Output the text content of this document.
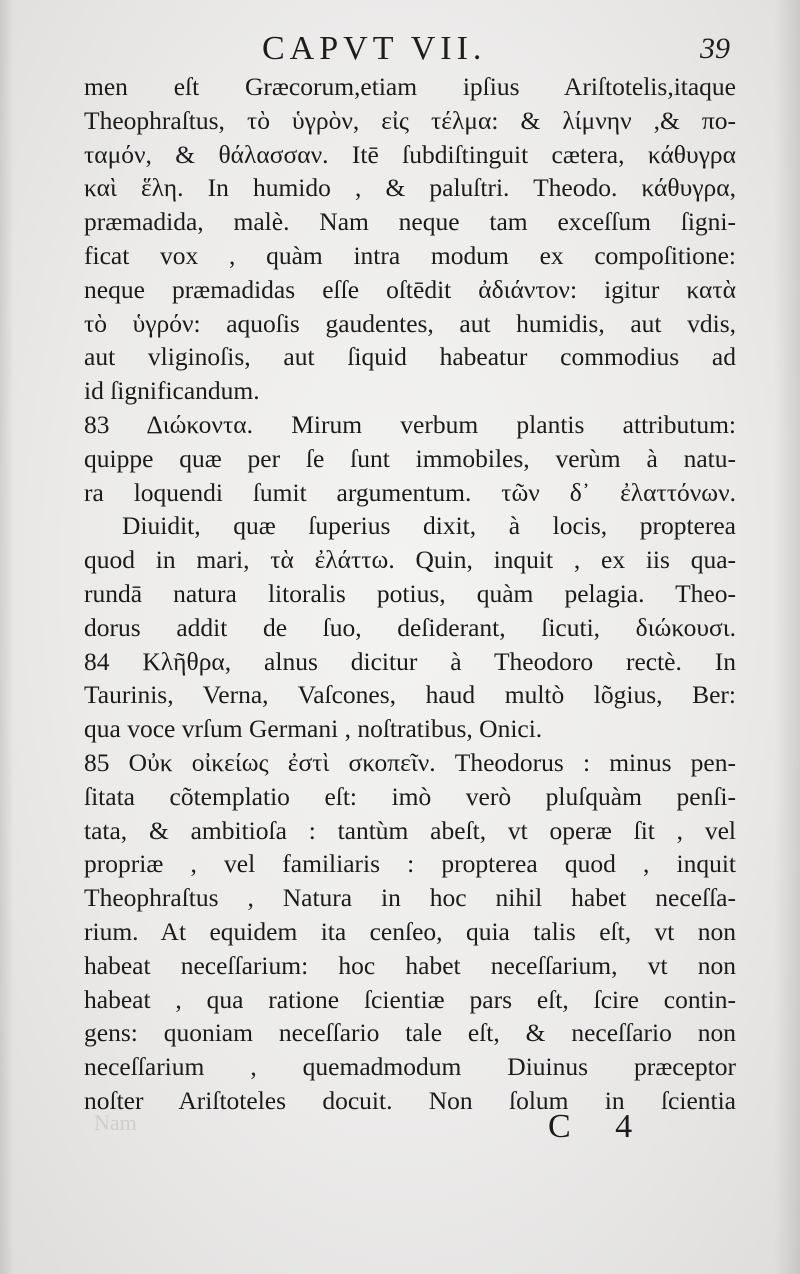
CAPVT VII.	39
men eſt Græcorum,etiam ipſius Ariſtotelis,itaque
Theophraſtus, τὸ ὑγρὸν, εἰς τέλμα: & λίμνην ,& πο-
ταμόν, & θάλασσαν. Itē ſubdiſtinguit cætera, κάθυγρα
καὶ ἕλη. In humido , & paluſtri. Theodo. κάθυγρα,
præmadida, malè. Nam neque tam exceſſum ſigni-
ficat vox , quàm intra modum ex compoſitione:
neque præmadidas eſſe oſtēdit ἀδιάντον: igitur κατὰ
τὸ ὑγρόν: aquoſis gaudentes, aut humidis, aut vdis,
aut vliginoſis, aut ſiquid habeatur commodius ad
id ſignificandum.
83 Διώκοντα. Mirum verbum plantis attributum:
quippe quæ per ſe ſunt immobiles, verùm à natu-
ra loquendi ſumit argumentum. τῶν δ᾽ ἐλαττόνων.
Diuidit, quæ ſuperius dixit, à locis, propterea
quod in mari, τὰ ἐλάττω. Quin, inquit , ex iis qua-
rundā natura litoralis potius, quàm pelagia. Theo-
dorus addit de ſuo, deſiderant, ſicuti, διώκουσι.
84 Κλῆθρα, alnus dicitur à Theodoro rectè. In
Taurinis, Verna, Vaſcones, haud multò lõgius, Ber:
qua voce vrſum Germani , noſtratibus, Onici.
85 Οὐκ οἰκείως ἐστὶ σκοπεῖν. Theodorus : minus pen-
ſitata cõtemplatio eſt: imò verò pluſquàm penſi-
tata, & ambitioſa : tantùm abeſt, vt operæ ſit , vel
propriæ , vel familiaris : propterea quod , inquit
Theophraſtus , Natura in hoc nihil habet neceſſa-
rium. At equidem ita cenſeo, quia talis eſt, vt non
habeat neceſſarium: hoc habet neceſſarium, vt non
habeat , qua ratione ſcientiæ pars eſt, ſcire contin-
gens: quoniam neceſſario tale eſt, & neceſſario non
neceſſarium , quemadmodum Diuinus præceptor
noſter Ariſtoteles docuit. Non ſolum in ſcientia
Nam	C 4
